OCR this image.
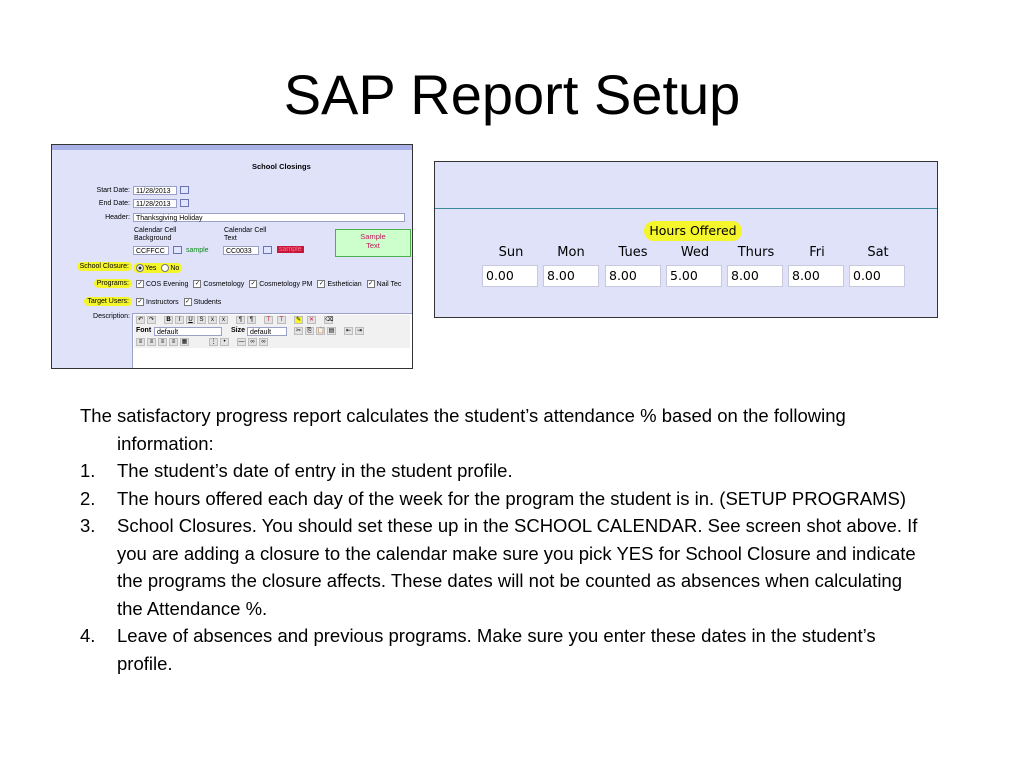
SAP Report Setup
School Closings
Start Date: 11/28/2013
End Date: 11/28/2013
Header: Thanksgiving Holiday
Calendar Cell
Background
Calendar Cell
Text
CCFFCC	sample	CC0033	sample
Sample
Text
School Closure:	Yes No
Programs:	✓ COS Evening ✓ Cosmetology ✓ Cosmetology PM ✓ Esthetician ✓ Nail Tec
Target Users:	✓ Instructors ✓ Students
Description:	↶ ↷	B	I	U	S	x	x	¶	¶	T	T	✎	✕	⌫
Font default	Size default	✂	⎘ 📋 ▤	⇤ ⇥
≡	≡	≡	≡	▦	⋮	•	― ∞	∞
Hours Offered
Sun	Mon	Tues	Wed	Thurs	Fri	Sat
0.00	8.00	8.00	5.00	8.00	8.00	0.00

The satisfactory progress report calculates the student’s attendance % based on the following information:

1. The student’s date of entry in the student profile.
2. The hours offered each day of the week for the program the student is in. (SETUP PROGRAMS)
3. School Closures. You should set these up in the SCHOOL CALENDAR. See screen shot above. If you are adding a closure to the calendar make sure you pick YES for School Closure and indicate the programs the closure affects. These dates will not be counted as absences when calculating the Attendance %.
4. Leave of absences and previous programs. Make sure you enter these dates in the student’s profile.
